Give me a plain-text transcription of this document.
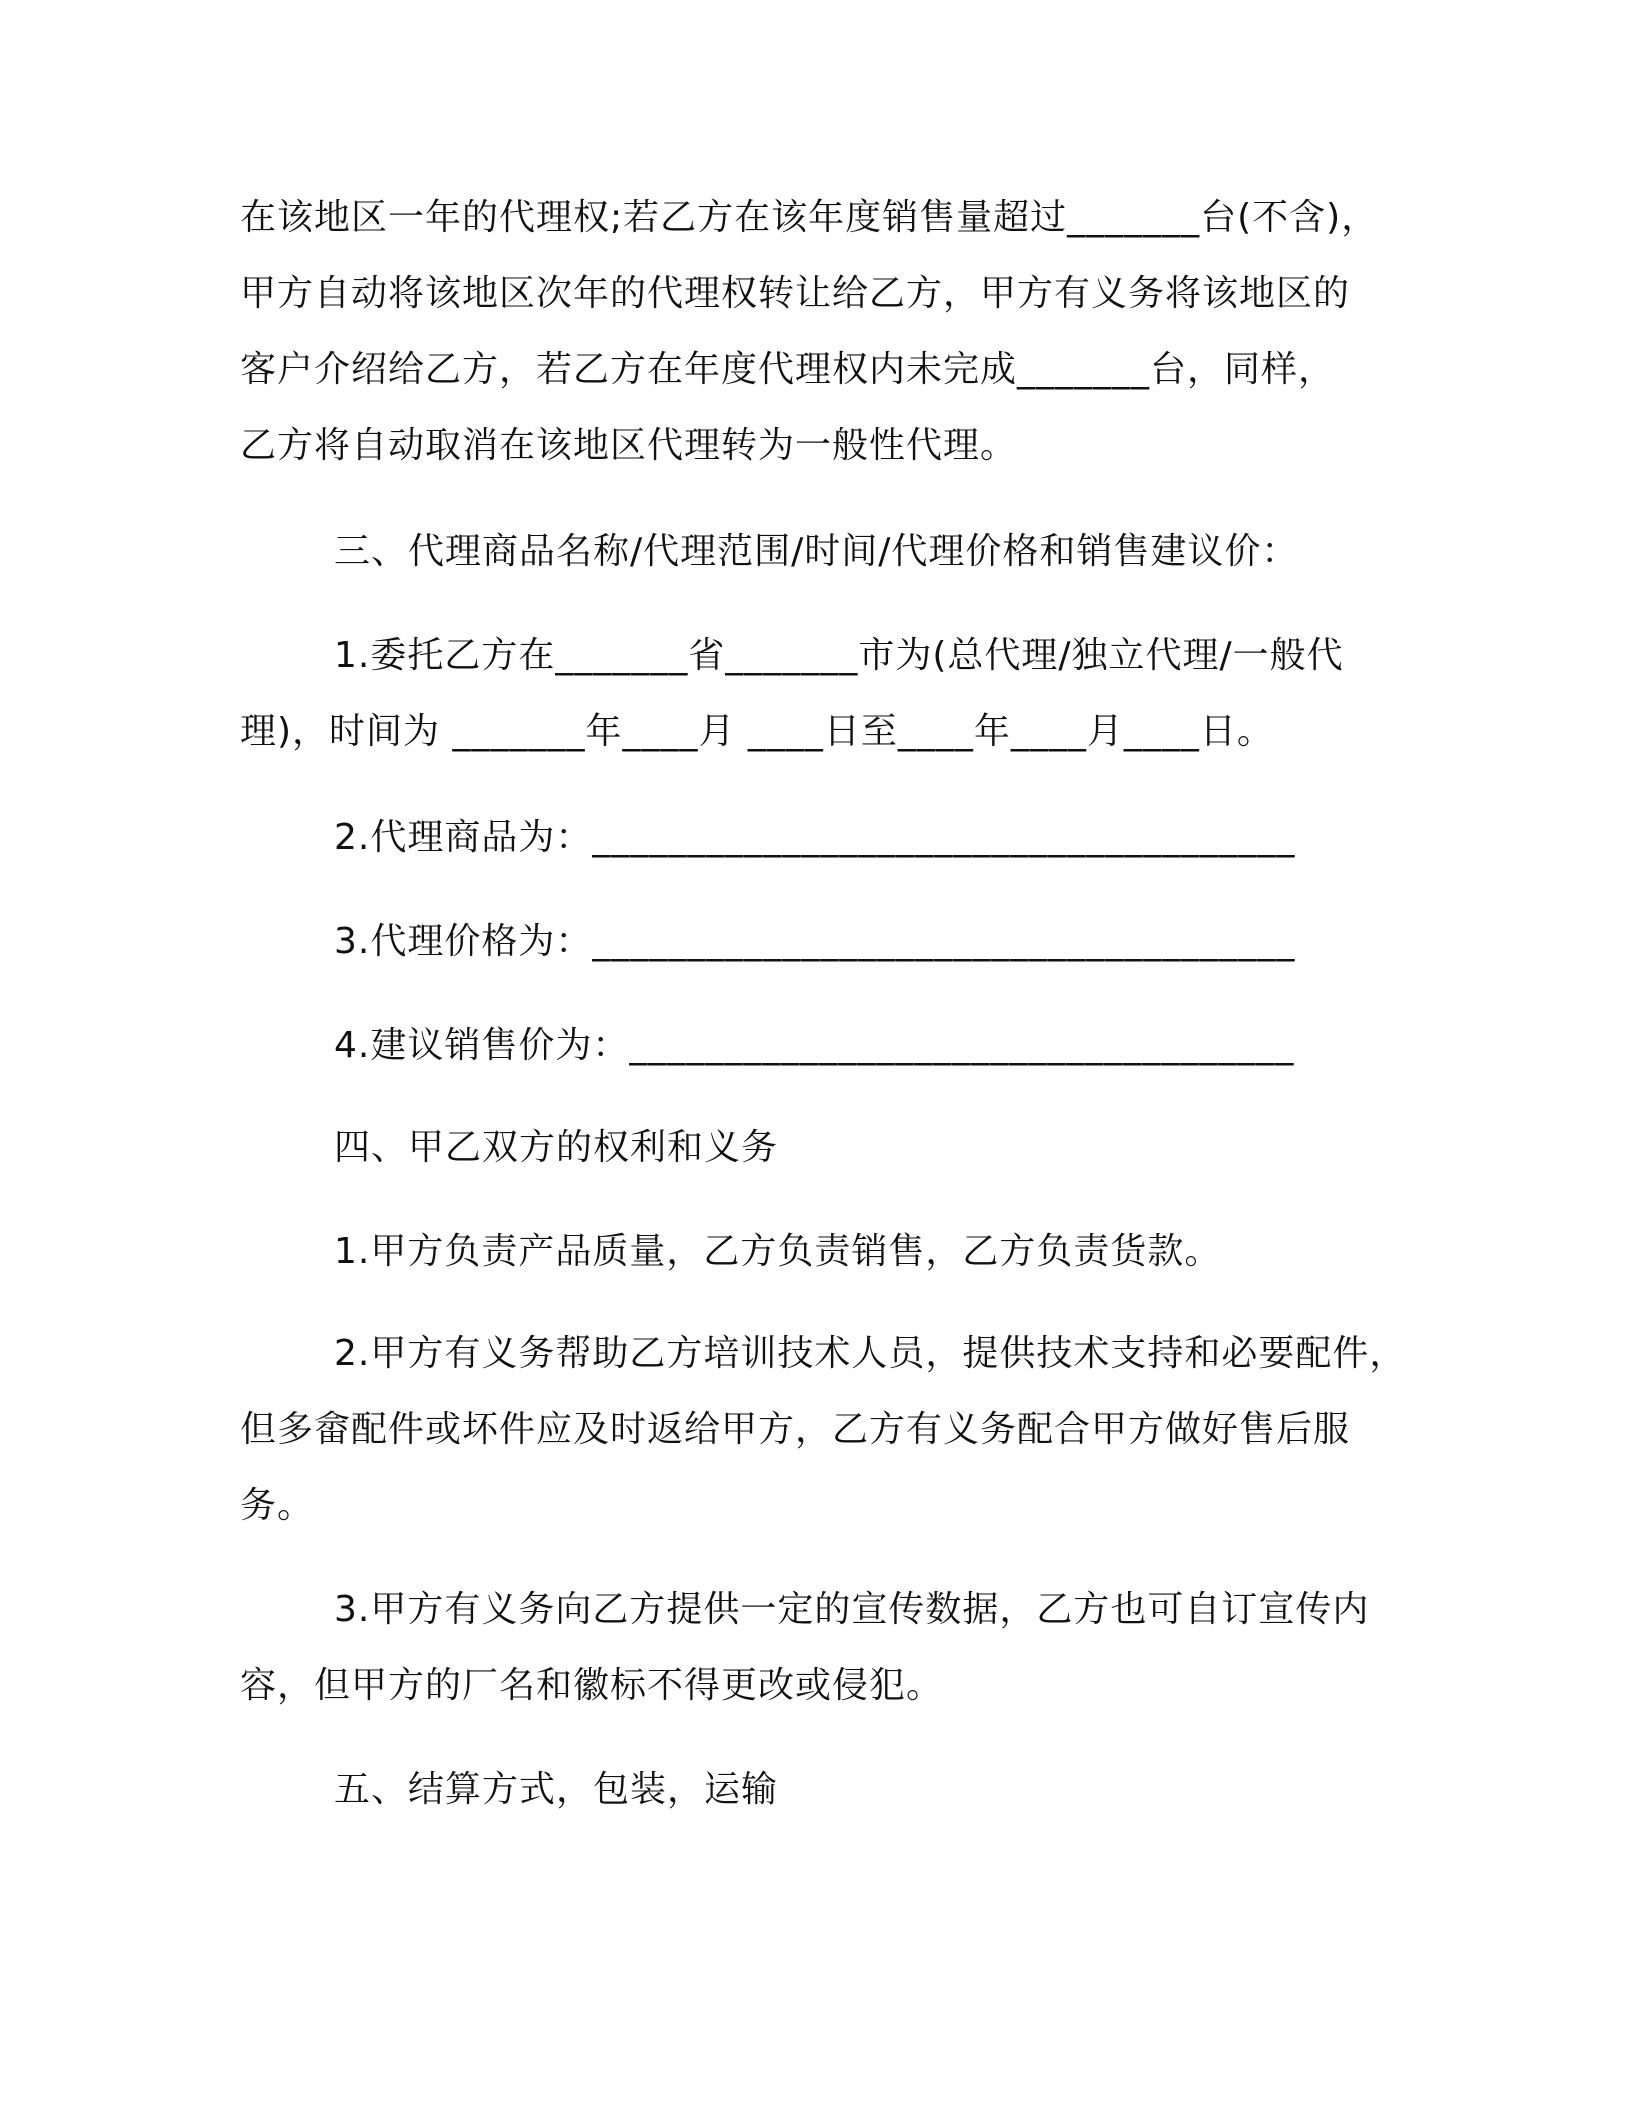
在该地区一年的代理权;若乙方在该年度销售量超过_______台(不含)，
甲方自动将该地区次年的代理权转让给乙方，甲方有义务将该地区的
客户介绍给乙方，若乙方在年度代理权内未完成_______台，同样，
乙方将自动取消在该地区代理转为一般性代理。
三、代理商品名称/代理范围/时间/代理价格和销售建议价：
1.委托乙方在_______省_______市为(总代理/独立代理/一般代
理)，时间为 _______年____月 ____日至____年____月____日。
2.代理商品为：_____________________________________
3.代理价格为：_____________________________________
4.建议销售价为：___________________________________
四、甲乙双方的权利和义务
1.甲方负责产品质量，乙方负责销售，乙方负责货款。
2.甲方有义务帮助乙方培训技术人员，提供技术支持和必要配件，
但多畲配件或坏件应及时返给甲方，乙方有义务配合甲方做好售后服
务。
3.甲方有义务向乙方提供一定的宣传数据，乙方也可自订宣传内
容，但甲方的厂名和徽标不得更改或侵犯。
五、结算方式，包装，运输
